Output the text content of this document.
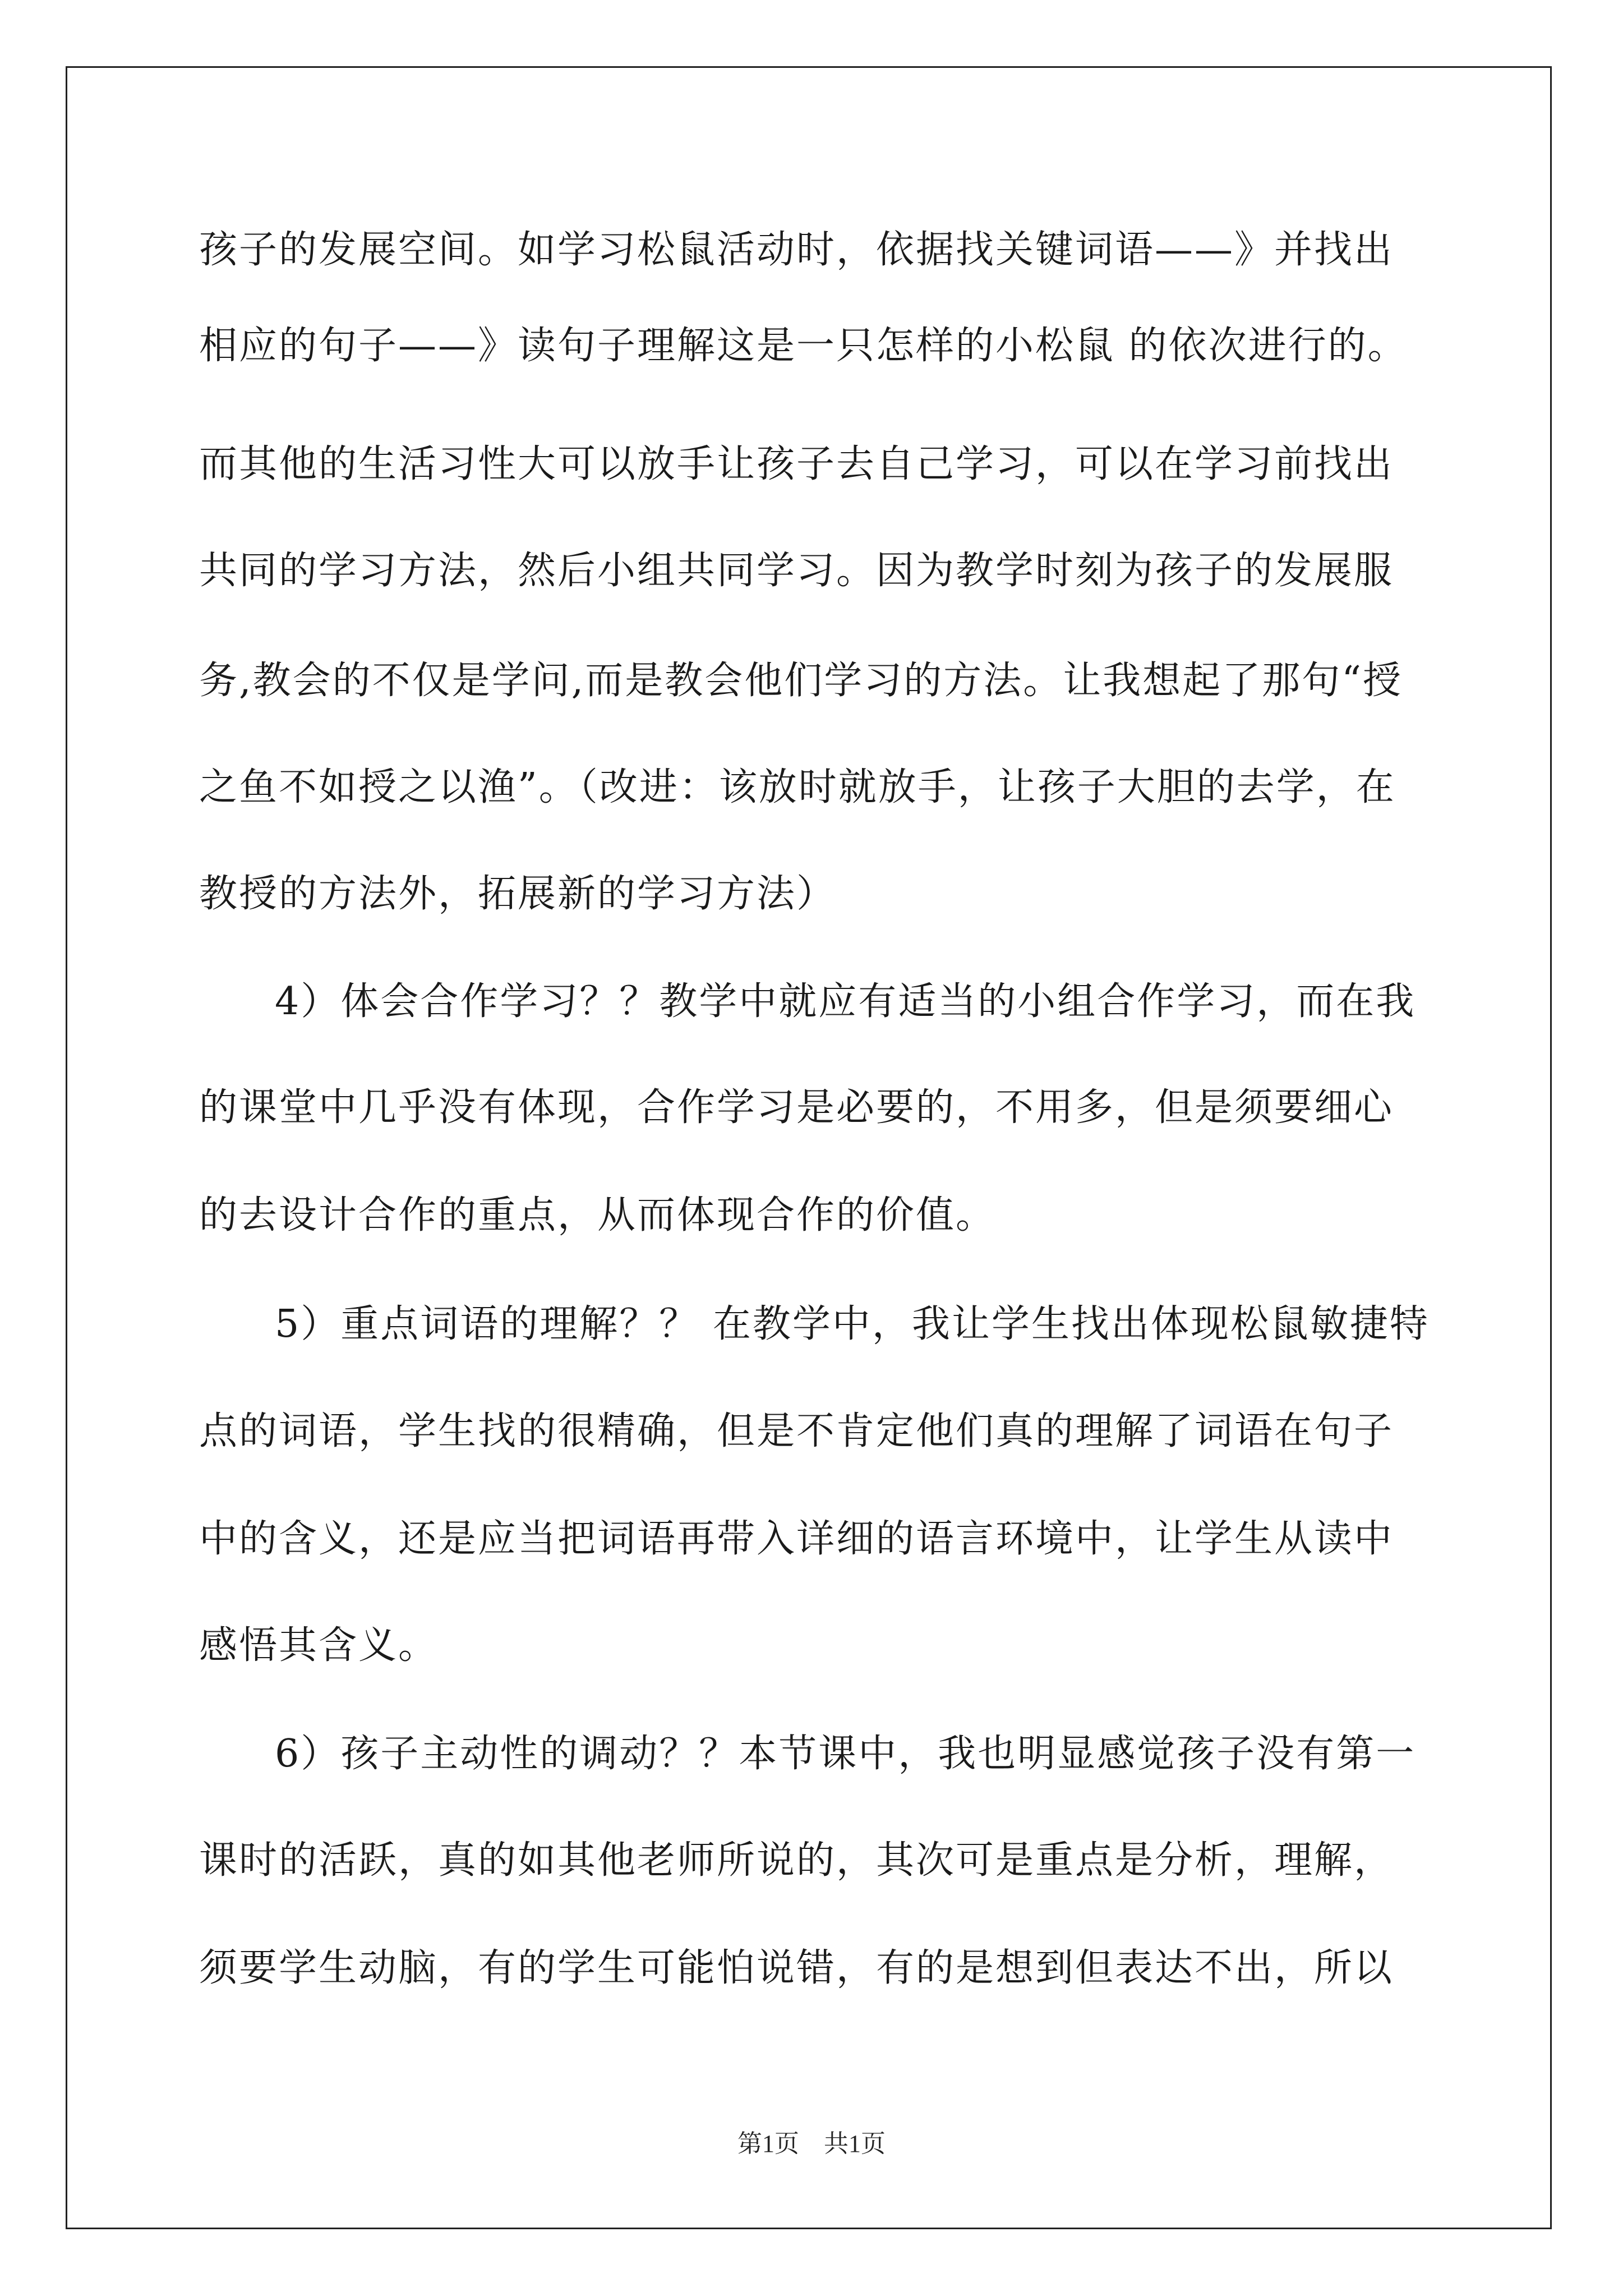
孩子的发展空间。如学习松鼠活动时，依据找关键词语——》并找出
相应的句子——》读句子理解这是一只怎样的小松鼠 的依次进行的。
而其他的生活习性大可以放手让孩子去自己学习，可以在学习前找出
共同的学习方法，然后小组共同学习。因为教学时刻为孩子的发展服
务,教会的不仅是学问,而是教会他们学习的方法。让我想起了那句“授
之鱼不如授之以渔”。（改进：该放时就放手，让孩子大胆的去学，在
教授的方法外，拓展新的学习方法）
4）体会合作学习？？教学中就应有适当的小组合作学习，而在我
的课堂中几乎没有体现，合作学习是必要的，不用多，但是须要细心
的去设计合作的重点，从而体现合作的价值。
5）重点词语的理解？？ 在教学中，我让学生找出体现松鼠敏捷特
点的词语，学生找的很精确，但是不肯定他们真的理解了词语在句子
中的含义，还是应当把词语再带入详细的语言环境中，让学生从读中
感悟其含义。
6）孩子主动性的调动？？本节课中，我也明显感觉孩子没有第一
课时的活跃，真的如其他老师所说的，其次可是重点是分析，理解，
须要学生动脑，有的学生可能怕说错，有的是想到但表达不出，所以
第1页　共1页
